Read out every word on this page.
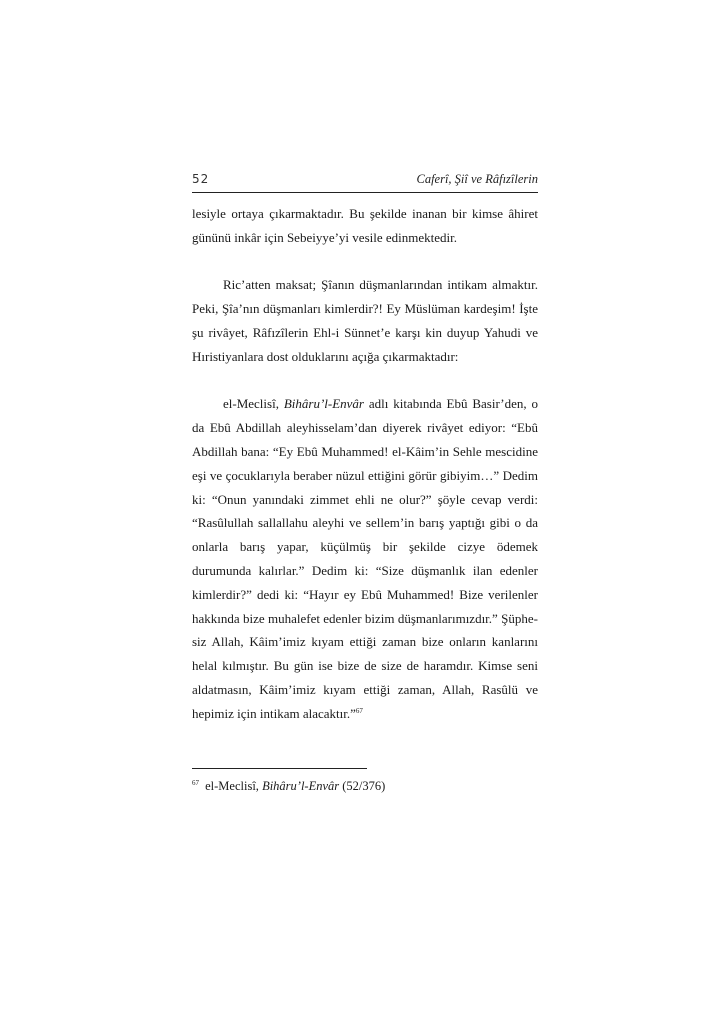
52	Caferî, Şiî ve Râfızîlerin

lesiyle ortaya çıkarmaktadır. Bu şekilde inanan bir kimse âhiret gününü inkâr için Sebeiyye’yi vesile edinmektedir.

Ric’atten maksat; Şîanın düşmanlarından intikam almaktır. Peki, Şîa’nın düşmanları kimlerdir?! Ey Müslüman kardeşim! İşte şu rivâyet, Râfızîlerin Ehl-i Sünnet’e karşı kin duyup Yahudi ve Hıristiyanlara dost olduklarını açığa çıkarmaktadır:

el-Meclisî, Bihâru’l-Envâr adlı kitabında Ebû Basir’den, o da Ebû Abdillah aleyhisselam’dan diyerek rivâyet ediyor: “Ebû Abdillah bana: “Ey Ebû Muhammed! el-Kâim’in Sehle mescidine eşi ve çocuklarıyla beraber nüzul ettiğini görür gibiyim…” Dedim ki: “Onun yanındaki zimmet ehli ne olur?” şöyle cevap verdi: “Rasûlullah sallallahu aleyhi ve sellem’in barış yaptığı gibi o da onlarla barış yapar, küçülmüş bir şekilde cizye ödemek durumunda kalırlar.” Dedim ki: “Size düşmanlık ilan edenler kimlerdir?” dedi ki: “Hayır ey Ebû Muhammed! Bize verilenler hakkında bize muhalefet edenler bizim düşmanlarımızdır.” Şüphesiz Allah, Kâim’imiz kıyam ettiği zaman bize onların kanlarını helal kılmıştır. Bu gün ise bize de size de haramdır. Kimse seni aldatmasın, Kâim’imiz kıyam ettiği zaman, Allah, Rasûlü ve hepimiz için intikam alacaktır.”$^{67}$

$^{67}$ el-Meclisî, Bihâru’l-Envâr (52/376)
